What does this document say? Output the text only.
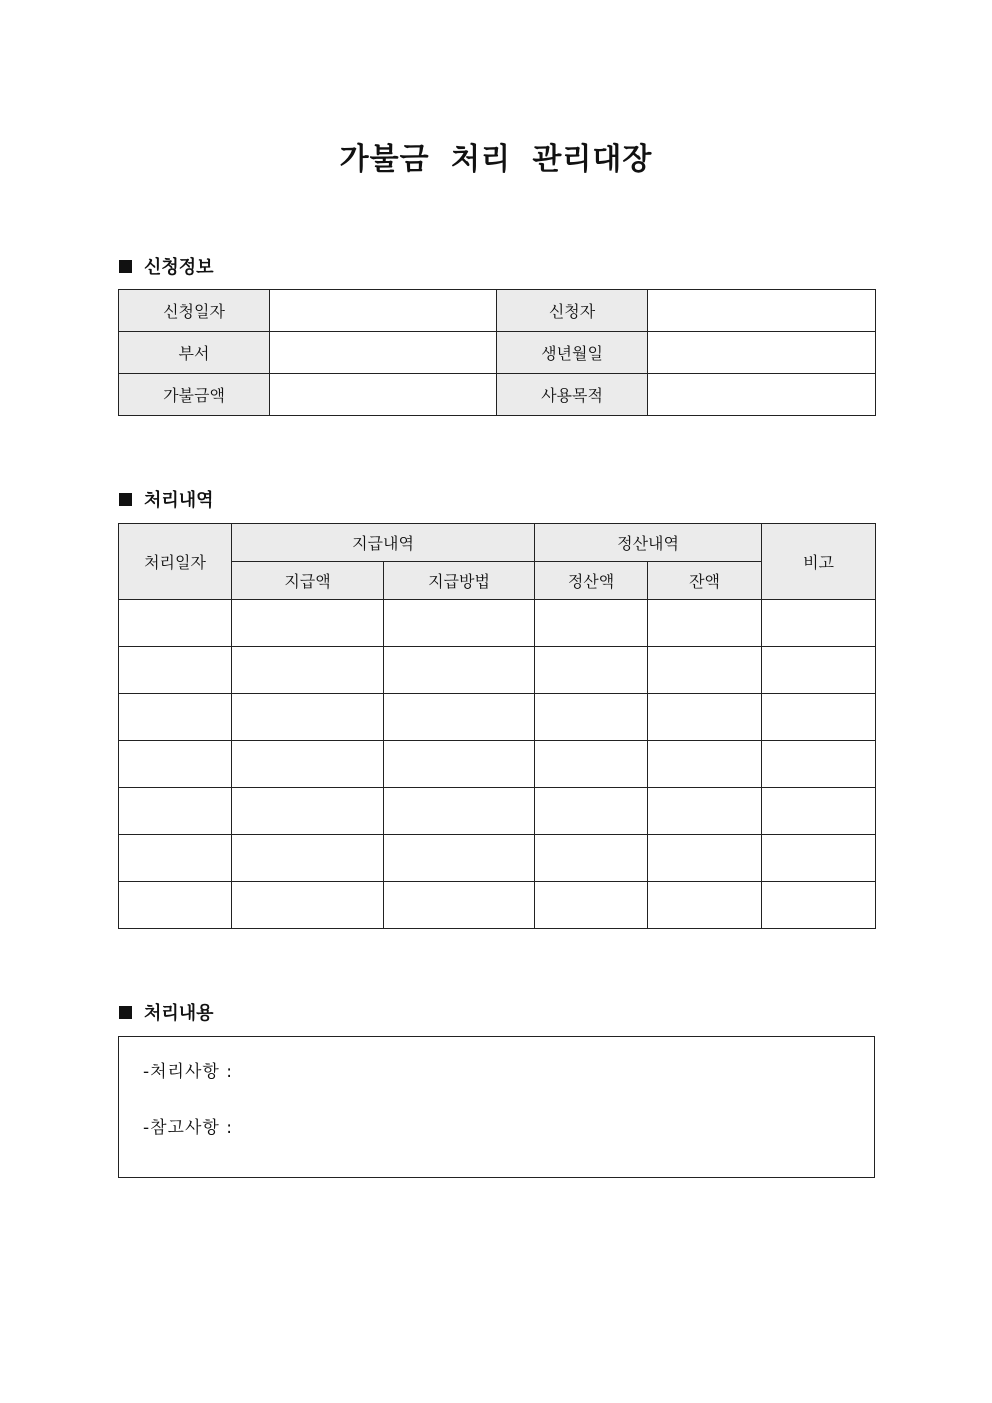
가불금 처리 관리대장
신청정보
신청일자		신청자	
부서		생년월일	
가불금액		사용목적	
처리내역
처리일자	지급내역		정산내역		비고
	지급액	지급방법	정산액	잔액	

처리내용
-처리사항 :
-참고사항 :
